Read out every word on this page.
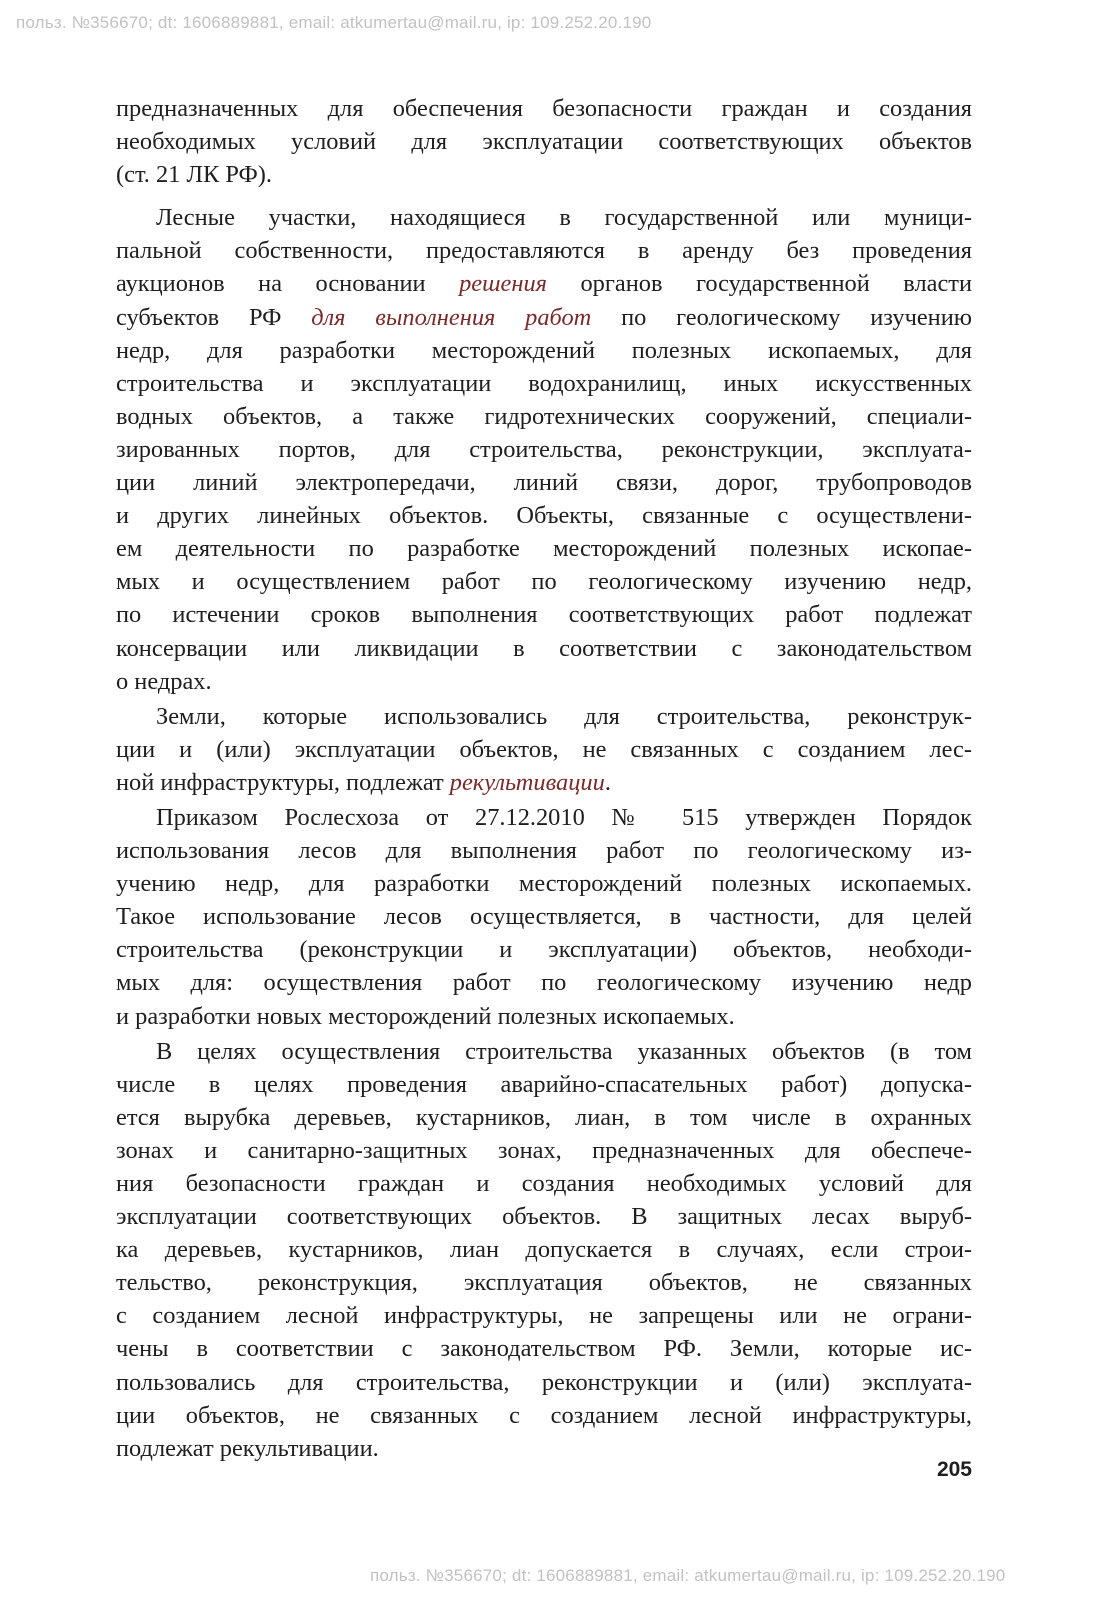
польз. №356670; dt: 1606889881, email: atkumertau@mail.ru, ip: 109.252.20.190

предназначенных для обеспечения безопасности граждан и создания
необходимых условий для эксплуатации соответствующих объектов
(ст. 21 ЛК РФ).

Лесные участки, находящиеся в государственной или муници-
пальной собственности, предоставляются в аренду без проведения
аукционов на основании решения органов государственной власти
субъектов РФ для выполнения работ по геологическому изучению
недр, для разработки месторождений полезных ископаемых, для
строительства и эксплуатации водохранилищ, иных искусственных
водных объектов, а также гидротехнических сооружений, специали-
зированных портов, для строительства, реконструкции, эксплуата-
ции линий электропередачи, линий связи, дорог, трубопроводов
и других линейных объектов. Объекты, связанные с осуществлени-
ем деятельности по разработке месторождений полезных ископае-
мых и осуществлением работ по геологическому изучению недр,
по истечении сроков выполнения соответствующих работ подлежат
консервации или ликвидации в соответствии с законодательством
о недрах.

Земли, которые использовались для строительства, реконструк-
ции и (или) эксплуатации объектов, не связанных с созданием лес-
ной инфраструктуры, подлежат рекультивации.

Приказом Рослесхоза от 27.12.2010 № 515 утвержден Порядок
использования лесов для выполнения работ по геологическому из-
учению недр, для разработки месторождений полезных ископаемых.
Такое использование лесов осуществляется, в частности, для целей
строительства (реконструкции и эксплуатации) объектов, необходи-
мых для: осуществления работ по геологическому изучению недр
и разработки новых месторождений полезных ископаемых.

В целях осуществления строительства указанных объектов (в том
числе в целях проведения аварийно-спасательных работ) допуска-
ется вырубка деревьев, кустарников, лиан, в том числе в охранных
зонах и санитарно-защитных зонах, предназначенных для обеспече-
ния безопасности граждан и создания необходимых условий для
эксплуатации соответствующих объектов. В защитных лесах выруб-
ка деревьев, кустарников, лиан допускается в случаях, если строи-
тельство, реконструкция, эксплуатация объектов, не связанных
с созданием лесной инфраструктуры, не запрещены или не ограни-
чены в соответствии с законодательством РФ. Земли, которые ис-
пользовались для строительства, реконструкции и (или) эксплуата-
ции объектов, не связанных с созданием лесной инфраструктуры,
подлежат рекультивации.

205
польз. №356670; dt: 1606889881, email: atkumertau@mail.ru, ip: 109.252.20.190
